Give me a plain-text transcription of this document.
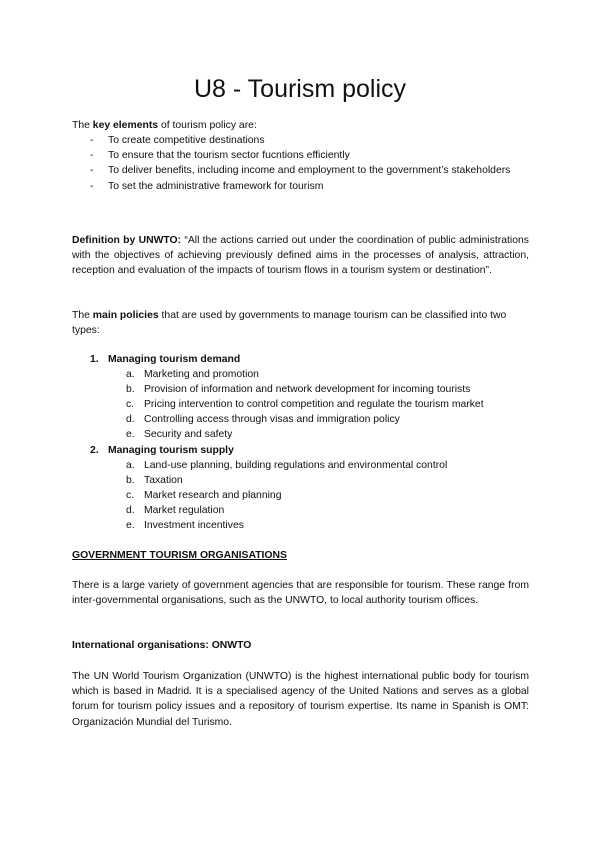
U8 - Tourism policy

The key elements of tourism policy are:

- To create competitive destinations
- To ensure that the tourism sector fucntions efficiently
- To deliver benefits, including income and employment to the government’s stakeholders
- To set the administrative framework for tourism

Definition by UNWTO: “All the actions carried out under the coordination of public administrations with the objectives of achieving previously defined aims in the processes of analysis, attraction, reception and evaluation of the impacts of tourism flows in a tourism system or destination”.

The main policies that are used by governments to manage tourism can be classified into two types:

1. Managing tourism demand
a. Marketing and promotion
b. Provision of information and network development for incoming tourists
c. Pricing intervention to control competition and regulate the tourism market
d. Controlling access through visas and immigration policy
e. Security and safety
2. Managing tourism supply
a. Land-use planning, building regulations and environmental control
b. Taxation
c. Market research and planning
d. Market regulation
e. Investment incentives

GOVERNMENT TOURISM ORGANISATIONS

There is a large variety of government agencies that are responsible for tourism. These range from inter-governmental organisations, such as the UNWTO, to local authority tourism offices.

International organisations: ONWTO

The UN World Tourism Organization (UNWTO) is the highest international public body for tourism which is based in Madrid. It is a specialised agency of the United Nations and serves as a global forum for tourism policy issues and a repository of tourism expertise. Its name in Spanish is OMT: Organización Mundial del Turismo.
